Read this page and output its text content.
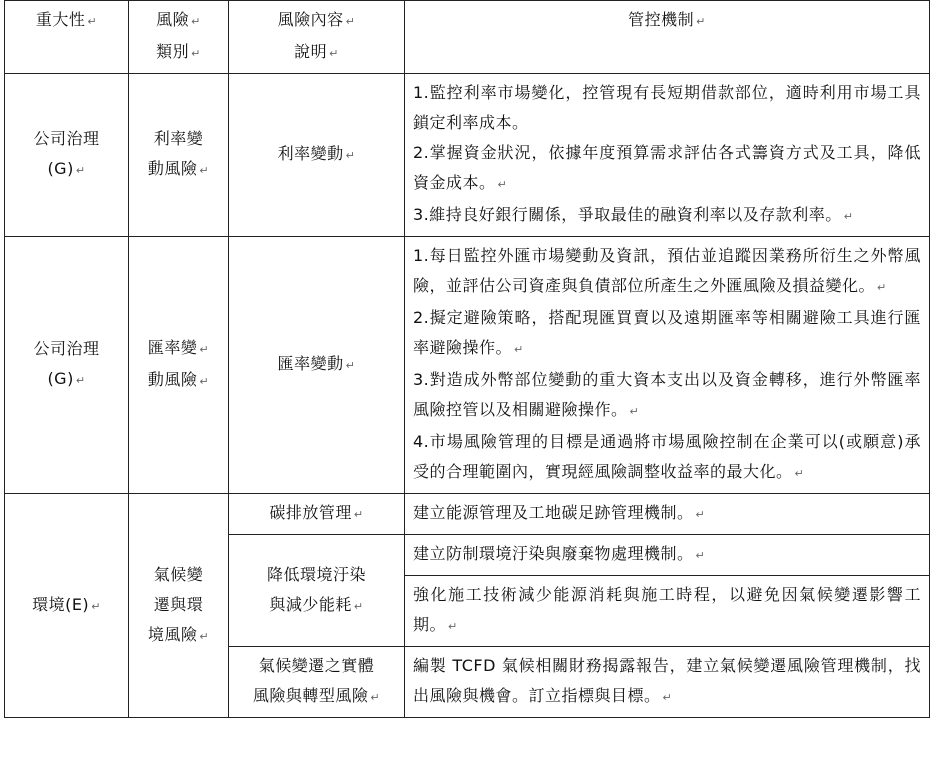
重大性 ↵	風險 ↵
類別 ↵	風險內容 ↵
說明 ↵	管控機制 ↵

公司治理
(G) ↵	利率變
動風險 ↵	利率變動 ↵	1.監控利率市場變化，控管現有長短期借款部位，適時利用市場工具鎖定利率成本。
2.掌握資金狀況，依據年度預算需求評估各式籌資方式及工具，降低資金成本。 ↵
3.維持良好銀行關係，爭取最佳的融資利率以及存款利率。 ↵

公司治理
(G) ↵	匯率變 ↵
動風險 ↵	匯率變動 ↵	1.每日監控外匯市場變動及資訊，預估並追蹤因業務所衍生之外幣風險，並評估公司資產與負債部位所產生之外匯風險及損益變化。 ↵
2.擬定避險策略，搭配現匯買賣以及遠期匯率等相關避險工具進行匯率避險操作。 ↵
3.對造成外幣部位變動的重大資本支出以及資金轉移，進行外幣匯率風險控管以及相關避險操作。 ↵
4.市場風險管理的目標是通過將市場風險控制在企業可以(或願意)承受的合理範圍內，實現經風險調整收益率的最大化。 ↵

環境(E) ↵	氣候變
遷與環
境風險 ↵	碳排放管理 ↵	建立能源管理及工地碳足跡管理機制。 ↵

		降低環境汙染
與減少能耗 ↵	建立防制環境汙染與廢棄物處理機制。 ↵
			強化施工技術減少能源消耗與施工時程，以避免因氣候變遷影響工期。 ↵

		氣候變遷之實體
風險與轉型風險 ↵	編製 TCFD 氣候相關財務揭露報告，建立氣候變遷風險管理機制，找出風險與機會。訂立指標與目標。 ↵
